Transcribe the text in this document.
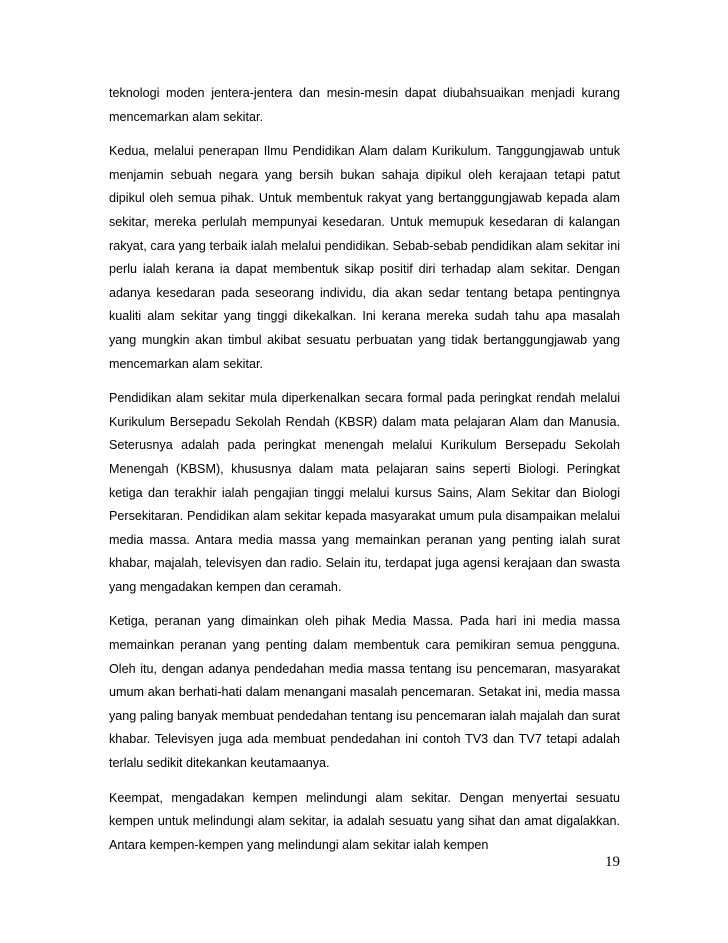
teknologi moden jentera-jentera dan mesin-mesin dapat diubahsuaikan menjadi kurang mencemarkan alam sekitar.

Kedua, melalui penerapan Ilmu Pendidikan Alam dalam Kurikulum. Tanggungjawab untuk menjamin sebuah negara yang bersih bukan sahaja dipikul oleh kerajaan tetapi patut dipikul oleh semua pihak. Untuk membentuk rakyat yang bertanggungjawab kepada alam sekitar, mereka perlulah mempunyai kesedaran. Untuk memupuk kesedaran di kalangan rakyat, cara yang terbaik ialah melalui pendidikan. Sebab-sebab pendidikan alam sekitar ini perlu ialah kerana ia dapat membentuk sikap positif diri terhadap alam sekitar. Dengan adanya kesedaran pada seseorang individu, dia akan sedar tentang betapa pentingnya kualiti alam sekitar yang tinggi dikekalkan. Ini kerana mereka sudah tahu apa masalah yang mungkin akan timbul akibat sesuatu perbuatan yang tidak bertanggungjawab yang mencemarkan alam sekitar.

Pendidikan alam sekitar mula diperkenalkan secara formal pada peringkat rendah melalui Kurikulum Bersepadu Sekolah Rendah (KBSR) dalam mata pelajaran Alam dan Manusia. Seterusnya adalah pada peringkat menengah melalui Kurikulum Bersepadu Sekolah Menengah (KBSM), khususnya dalam mata pelajaran sains seperti Biologi. Peringkat ketiga dan terakhir ialah pengajian tinggi melalui kursus Sains, Alam Sekitar dan Biologi Persekitaran. Pendidikan alam sekitar kepada masyarakat umum pula disampaikan melalui media massa. Antara media massa yang memainkan peranan yang penting ialah surat khabar, majalah, televisyen dan radio. Selain itu, terdapat juga agensi kerajaan dan swasta yang mengadakan kempen dan ceramah.

Ketiga, peranan yang dimainkan oleh pihak Media Massa. Pada hari ini media massa memainkan peranan yang penting dalam membentuk cara pemikiran semua pengguna. Oleh itu, dengan adanya pendedahan media massa tentang isu pencemaran, masyarakat umum akan berhati-hati dalam menangani masalah pencemaran. Setakat ini, media massa yang paling banyak membuat pendedahan tentang isu pencemaran ialah majalah dan surat khabar. Televisyen juga ada membuat pendedahan ini contoh TV3 dan TV7 tetapi adalah terlalu sedikit ditekankan keutamaanya.

Keempat, mengadakan kempen melindungi alam sekitar. Dengan menyertai sesuatu kempen untuk melindungi alam sekitar, ia adalah sesuatu yang sihat dan amat digalakkan. Antara kempen-kempen yang melindungi alam sekitar ialah kempen

19
